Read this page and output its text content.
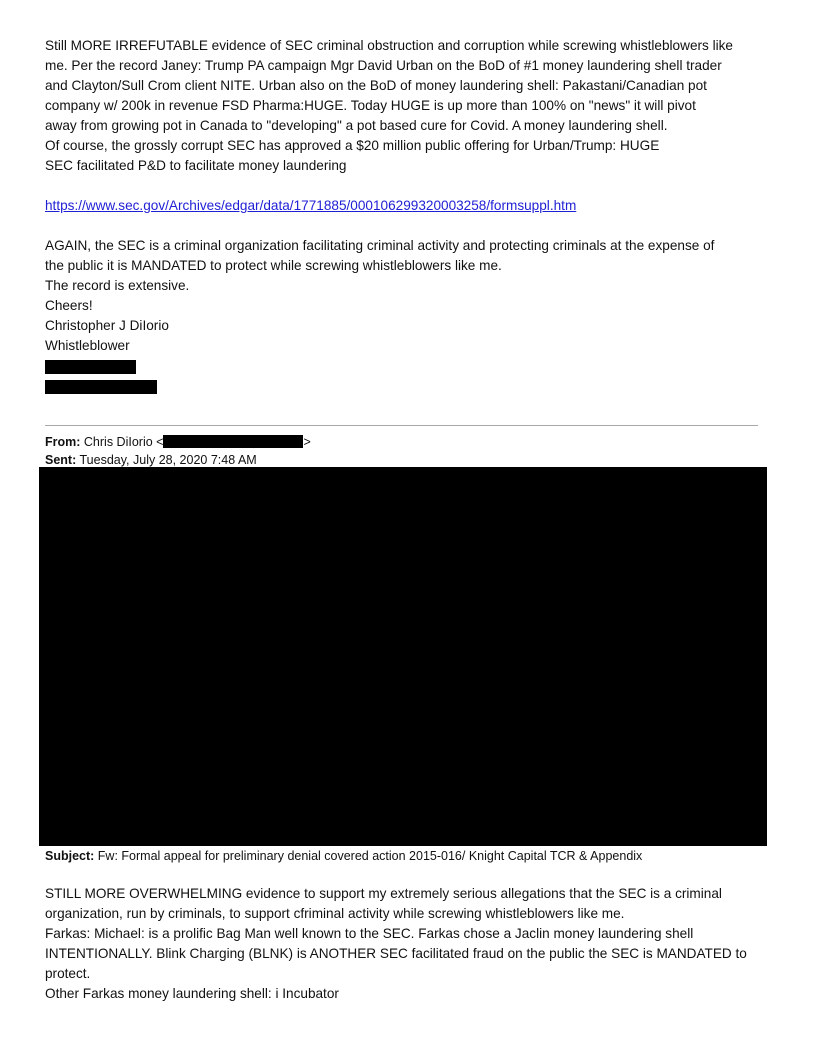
Still MORE IRREFUTABLE evidence of SEC criminal obstruction and corruption while screwing whistleblowers like
me. Per the record Janey: Trump PA campaign Mgr David Urban on the BoD of #1 money laundering shell trader
and Clayton/Sull Crom client NITE. Urban also on the BoD of money laundering shell: Pakastani/Canadian pot
company w/ 200k in revenue FSD Pharma:HUGE. Today HUGE is up more than 100% on "news" it will pivot
away from growing pot in Canada to "developing" a pot based cure for Covid. A money laundering shell.
Of course, the grossly corrupt SEC has approved a $20 million public offering for Urban/Trump: HUGE
SEC facilitated P&D to facilitate money laundering
https://www.sec.gov/Archives/edgar/data/1771885/000106299320003258/formsuppl.htm
AGAIN, the SEC is a criminal organization facilitating criminal activity and protecting criminals at the expense of
the public it is MANDATED to protect while screwing whistleblowers like me.
The record is extensive.
Cheers!
Christopher J DiIorio
Whistleblower
From: Chris DiIorio <	>
Sent: Tuesday, July 28, 2020 7:48 AM
Subject: Fw: Formal appeal for preliminary denial covered action 2015-016/ Knight Capital TCR & Appendix
STILL MORE OVERWHELMING evidence to support my extremely serious allegations that the SEC is a criminal
organization, run by criminals, to support cfriminal activity while screwing whistleblowers like me.
Farkas: Michael: is a prolific Bag Man well known to the SEC. Farkas chose a Jaclin money laundering shell
INTENTIONALLY. Blink Charging (BLNK) is ANOTHER SEC facilitated fraud on the public the SEC is MANDATED to
protect.
Other Farkas money laundering shell: i Incubator
